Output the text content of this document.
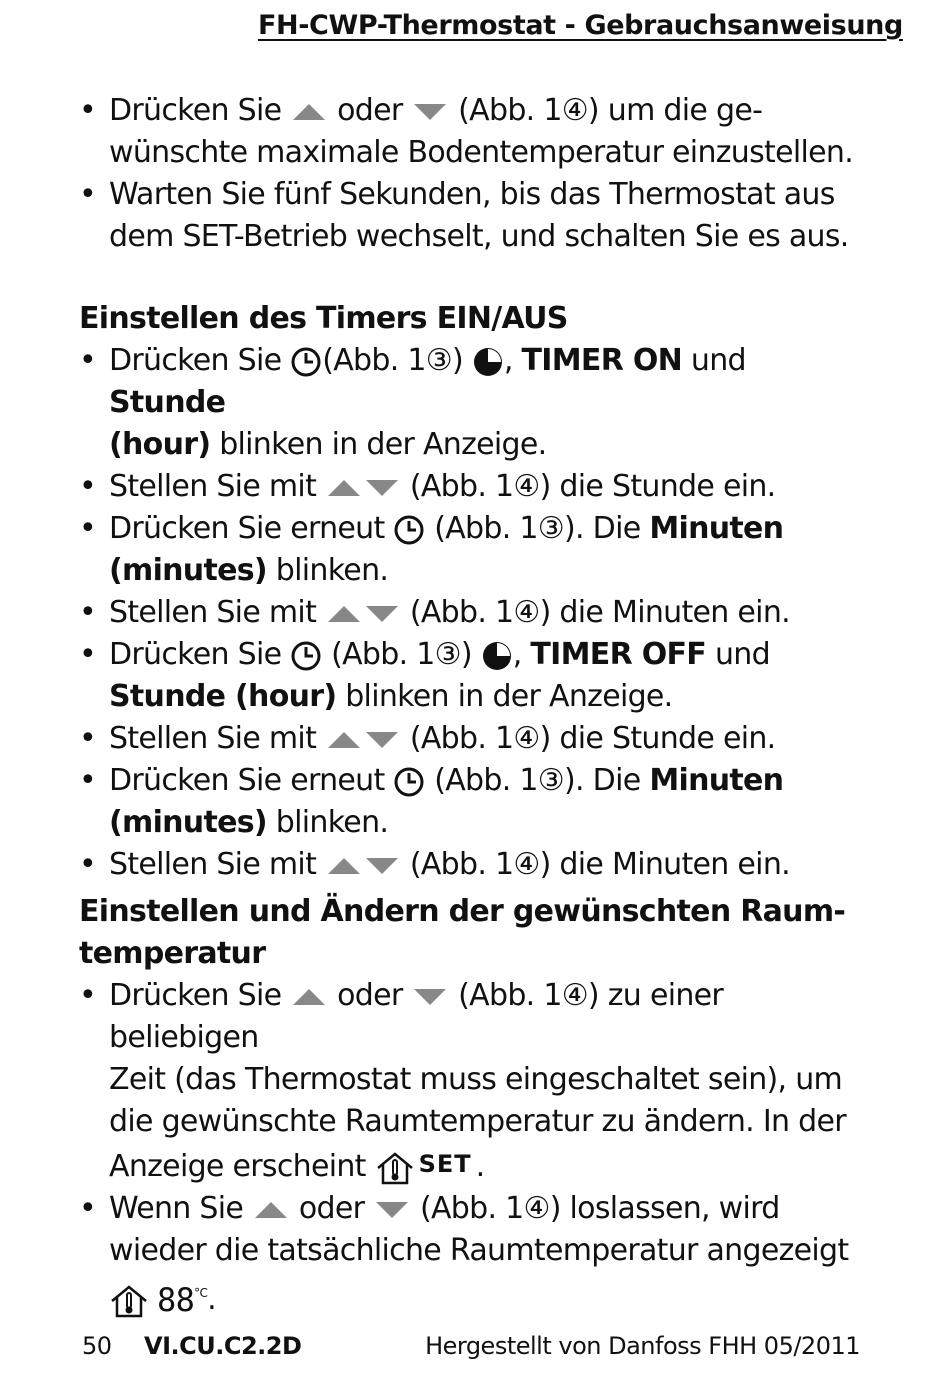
FH-CWP-Thermostat - Gebrauchsanweisung
• Drücken Sie oder (Abb. 1④) um die ge-
wünschte maximale Bodentemperatur einzustellen.
• Warten Sie fünf Sekunden, bis das Thermostat aus
dem SET-Betrieb wechselt, und schalten Sie es aus.
Einstellen des Timers EIN/AUS
• Drücken Sie (Abb. 1③) , TIMER ON und Stunde
(hour) blinken in der Anzeige.
• Stellen Sie mit	(Abb. 1④) die Stunde ein.
• Drücken Sie erneut (Abb. 1③). Die Minuten
(minutes) blinken.
• Stellen Sie mit	(Abb. 1④) die Minuten ein.
• Drücken Sie (Abb. 1③) , TIMER OFF und
Stunde (hour) blinken in der Anzeige.
• Stellen Sie mit	(Abb. 1④) die Stunde ein.
• Drücken Sie erneut (Abb. 1③). Die Minuten
(minutes) blinken.
• Stellen Sie mit	(Abb. 1④) die Minuten ein.
Einstellen und Ändern der gewünschten Raum-
temperatur
• Drücken Sie oder (Abb. 1④) zu einer beliebigen
Zeit (das Thermostat muss eingeschaltet sein), um
die gewünschte Raumtemperatur zu ändern. In der
Anzeige erscheint SET .
• Wenn Sie oder (Abb. 1④) loslassen, wird
wieder die tatsächliche Raumtemperatur angezeigt

$88^{^\circ C}$.
50 VI.CU.C2.2D	Hergestellt von Danfoss FHH 05/2011
